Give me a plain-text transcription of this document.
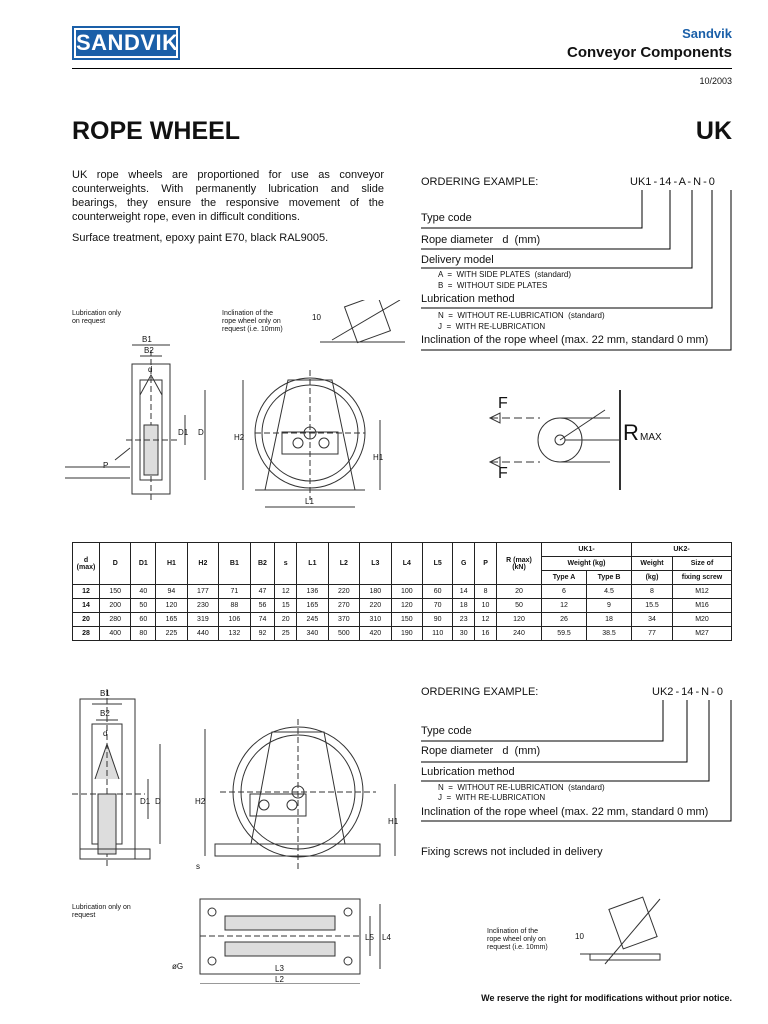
SANDVIK	Sandvik
Conveyor Components
10/2003
ROPE WHEEL	UK

UK rope wheels are proportioned for use as conveyor counterweights. With permanently lubrication and slide bearings, they ensure the responsive movement of the counterweight rope, even in difficult conditions.

Surface treatment, epoxy paint E70, black RAL9005.

ORDERING EXAMPLE:	UK1 - 14 - A - N - 0
Type code
Rope diameter   d  (mm)
Delivery model
A  =  WITH SIDE PLATES  (standard)
B  =  WITHOUT SIDE PLATES
Lubrication method
N  =  WITHOUT RE-LUBRICATION  (standard)
J  =  WITH RE-LUBRICATION
Inclination of the rope wheel (max. 22 mm, standard 0 mm)
B1
B2
d
D1 D
H2
H1
L1
10
P
F
F
R MAX
Lubrication only
on request
Inclination of the
rope wheel only on
request (i.e. 10mm)
d
(max)	D	D1	H1	H2	B1	B2	s	L1	L2	L3	L4	L5	G	P	R (max)
(kN)	UK1-		UK2-	
																Weight (kg)		Weight	Size of
																Type A	Type B	(kg)	fixing screw
12	150	40	94	177	71	47	12	136	220	180	100	60	14	8	20	6	4.5	8	M12
14	200	50	120	230	88	56	15	165	270	220	120	70	18	10	50	12	9	15.5	M16
20	280	60	165	319	106	74	20	245	370	310	150	90	23	12	120	26	18	34	M20
28	400	80	225	440	132	92	25	340	500	420	190	110	30	16	240	59.5	38.5	77	M27
ORDERING EXAMPLE:	UK2 - 14 - N - 0
Type code
Rope diameter   d  (mm)
Lubrication method
N  =  WITHOUT RE-LUBRICATION  (standard)
J  =  WITH RE-LUBRICATION
Inclination of the rope wheel (max. 22 mm, standard 0 mm)
Fixing screws not included in delivery
B1
B2
d
D1 D	H2
H1
s
L5 L4
L3
L2
øG
10
Lubrication only on
request
Inclination of the
rope wheel only on
request (i.e. 10mm)
We reserve the right for modifications without prior notice.
